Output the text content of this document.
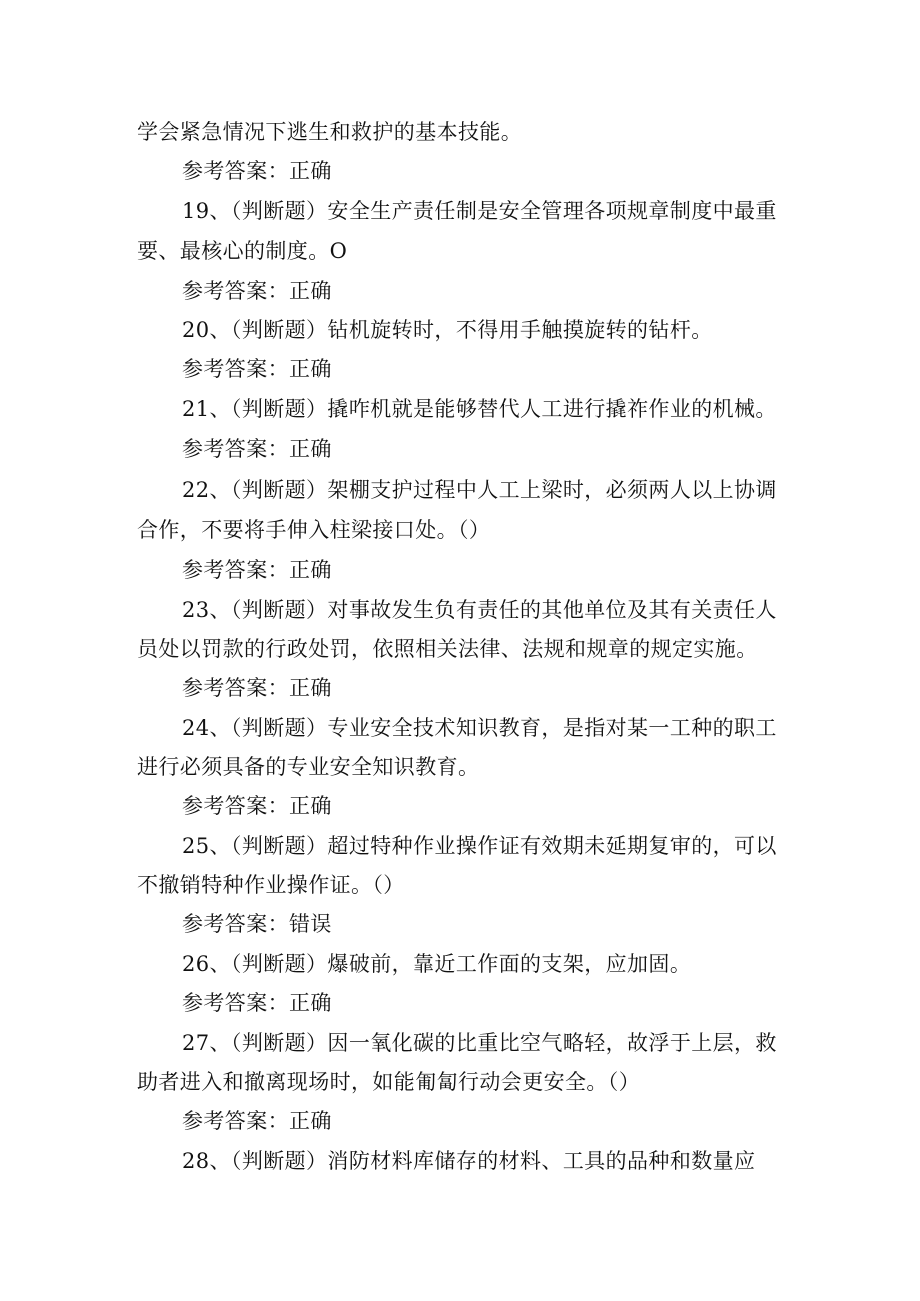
学会紧急情况下逃生和救护的基本技能。
参考答案：正确
19、（判断题）安全生产责任制是安全管理各项规章制度中最重
要、最核心的制度。O
参考答案：正确
20、（判断题）钻机旋转时，不得用手触摸旋转的钻杆。
参考答案：正确
21、（判断题）撬咋机就是能够替代人工进行撬祚作业的机械。
参考答案：正确
22、（判断题）架棚支护过程中人工上梁时，必须两人以上协调
合作，不要将手伸入柱梁接口处。（）
参考答案：正确
23、（判断题）对事故发生负有责任的其他单位及其有关责任人
员处以罚款的行政处罚，依照相关法律、法规和规章的规定实施。
参考答案：正确
24、（判断题）专业安全技术知识教育，是指对某一工种的职工
进行必须具备的专业安全知识教育。
参考答案：正确
25、（判断题）超过特种作业操作证有效期未延期复审的，可以
不撤销特种作业操作证。（）
参考答案：错误
26、（判断题）爆破前，靠近工作面的支架，应加固。
参考答案：正确
27、（判断题）因一氧化碳的比重比空气略轻，故浮于上层，救
助者进入和撤离现场时，如能匍匐行动会更安全。（）
参考答案：正确
28、（判断题）消防材料库储存的材料、工具的品种和数量应
